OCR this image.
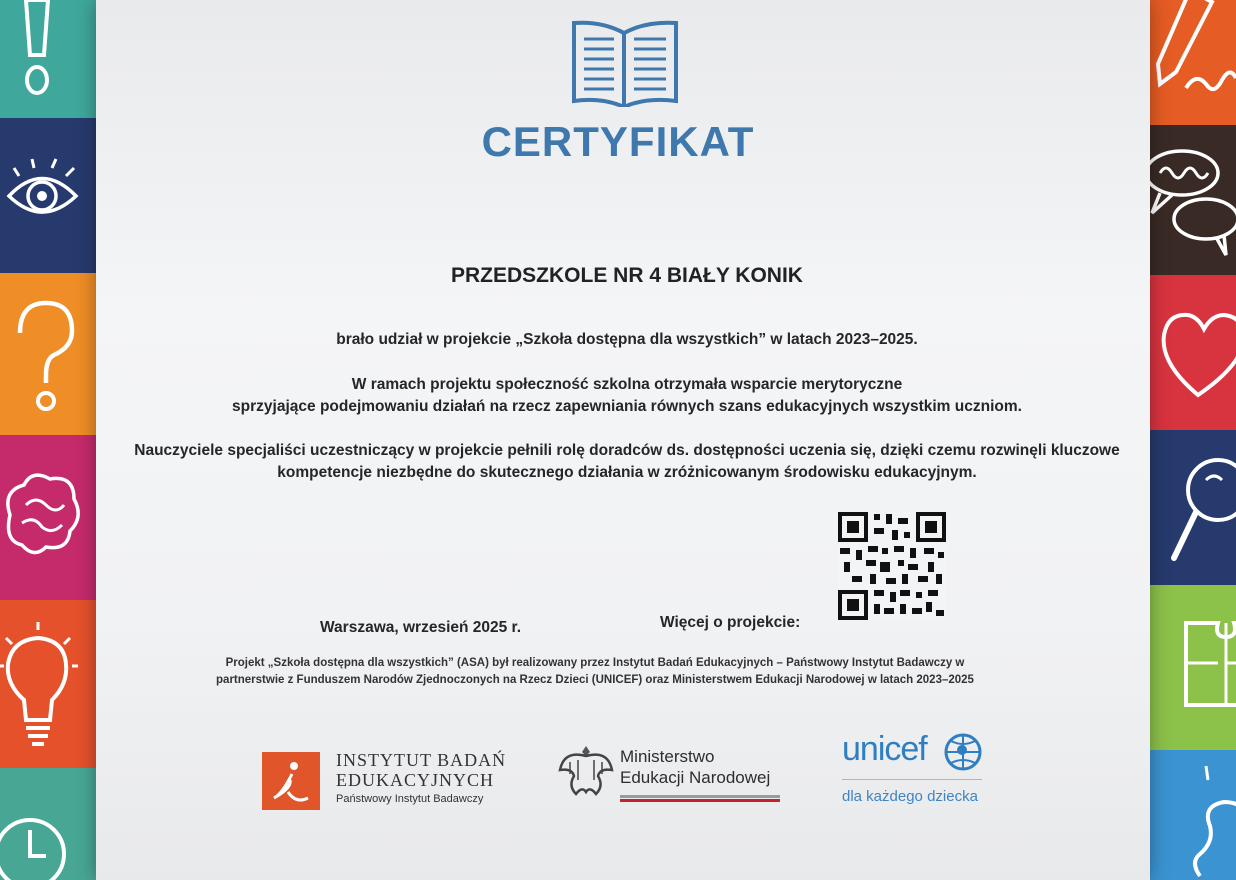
CERTYFIKAT
PRZEDSZKOLE NR 4 BIAŁY KONIK
brało udział w projekcie „Szkoła dostępna dla wszystkich” w latach 2023–2025.
W ramach projektu społeczność szkolna otrzymała wsparcie merytoryczne
sprzyjające podejmowaniu działań na rzecz zapewniania równych szans edukacyjnych wszystkim uczniom.
Nauczyciele specjaliści uczestniczący w projekcie pełnili rolę doradców ds. dostępności uczenia się, dzięki czemu rozwinęli kluczowe
kompetencje niezbędne do skutecznego działania w zróżnicowanym środowisku edukacyjnym.
Warszawa, wrzesień 2025 r.	Więcej o projekcie:
Projekt „Szkoła dostępna dla wszystkich” (ASA) był realizowany przez Instytut Badań Edukacyjnych – Państwowy Instytut Badawczy w
partnerstwie z Funduszem Narodów Zjednoczonych na Rzecz Dzieci (UNICEF) oraz Ministerstwem Edukacji Narodowej w latach 2023–2025
INSTYTUT BADAŃ
EDUKACYJNYCH
Państwowy Instytut Badawczy
Ministerstwo
Edukacji Narodowej
unicef
dla każdego dziecka
